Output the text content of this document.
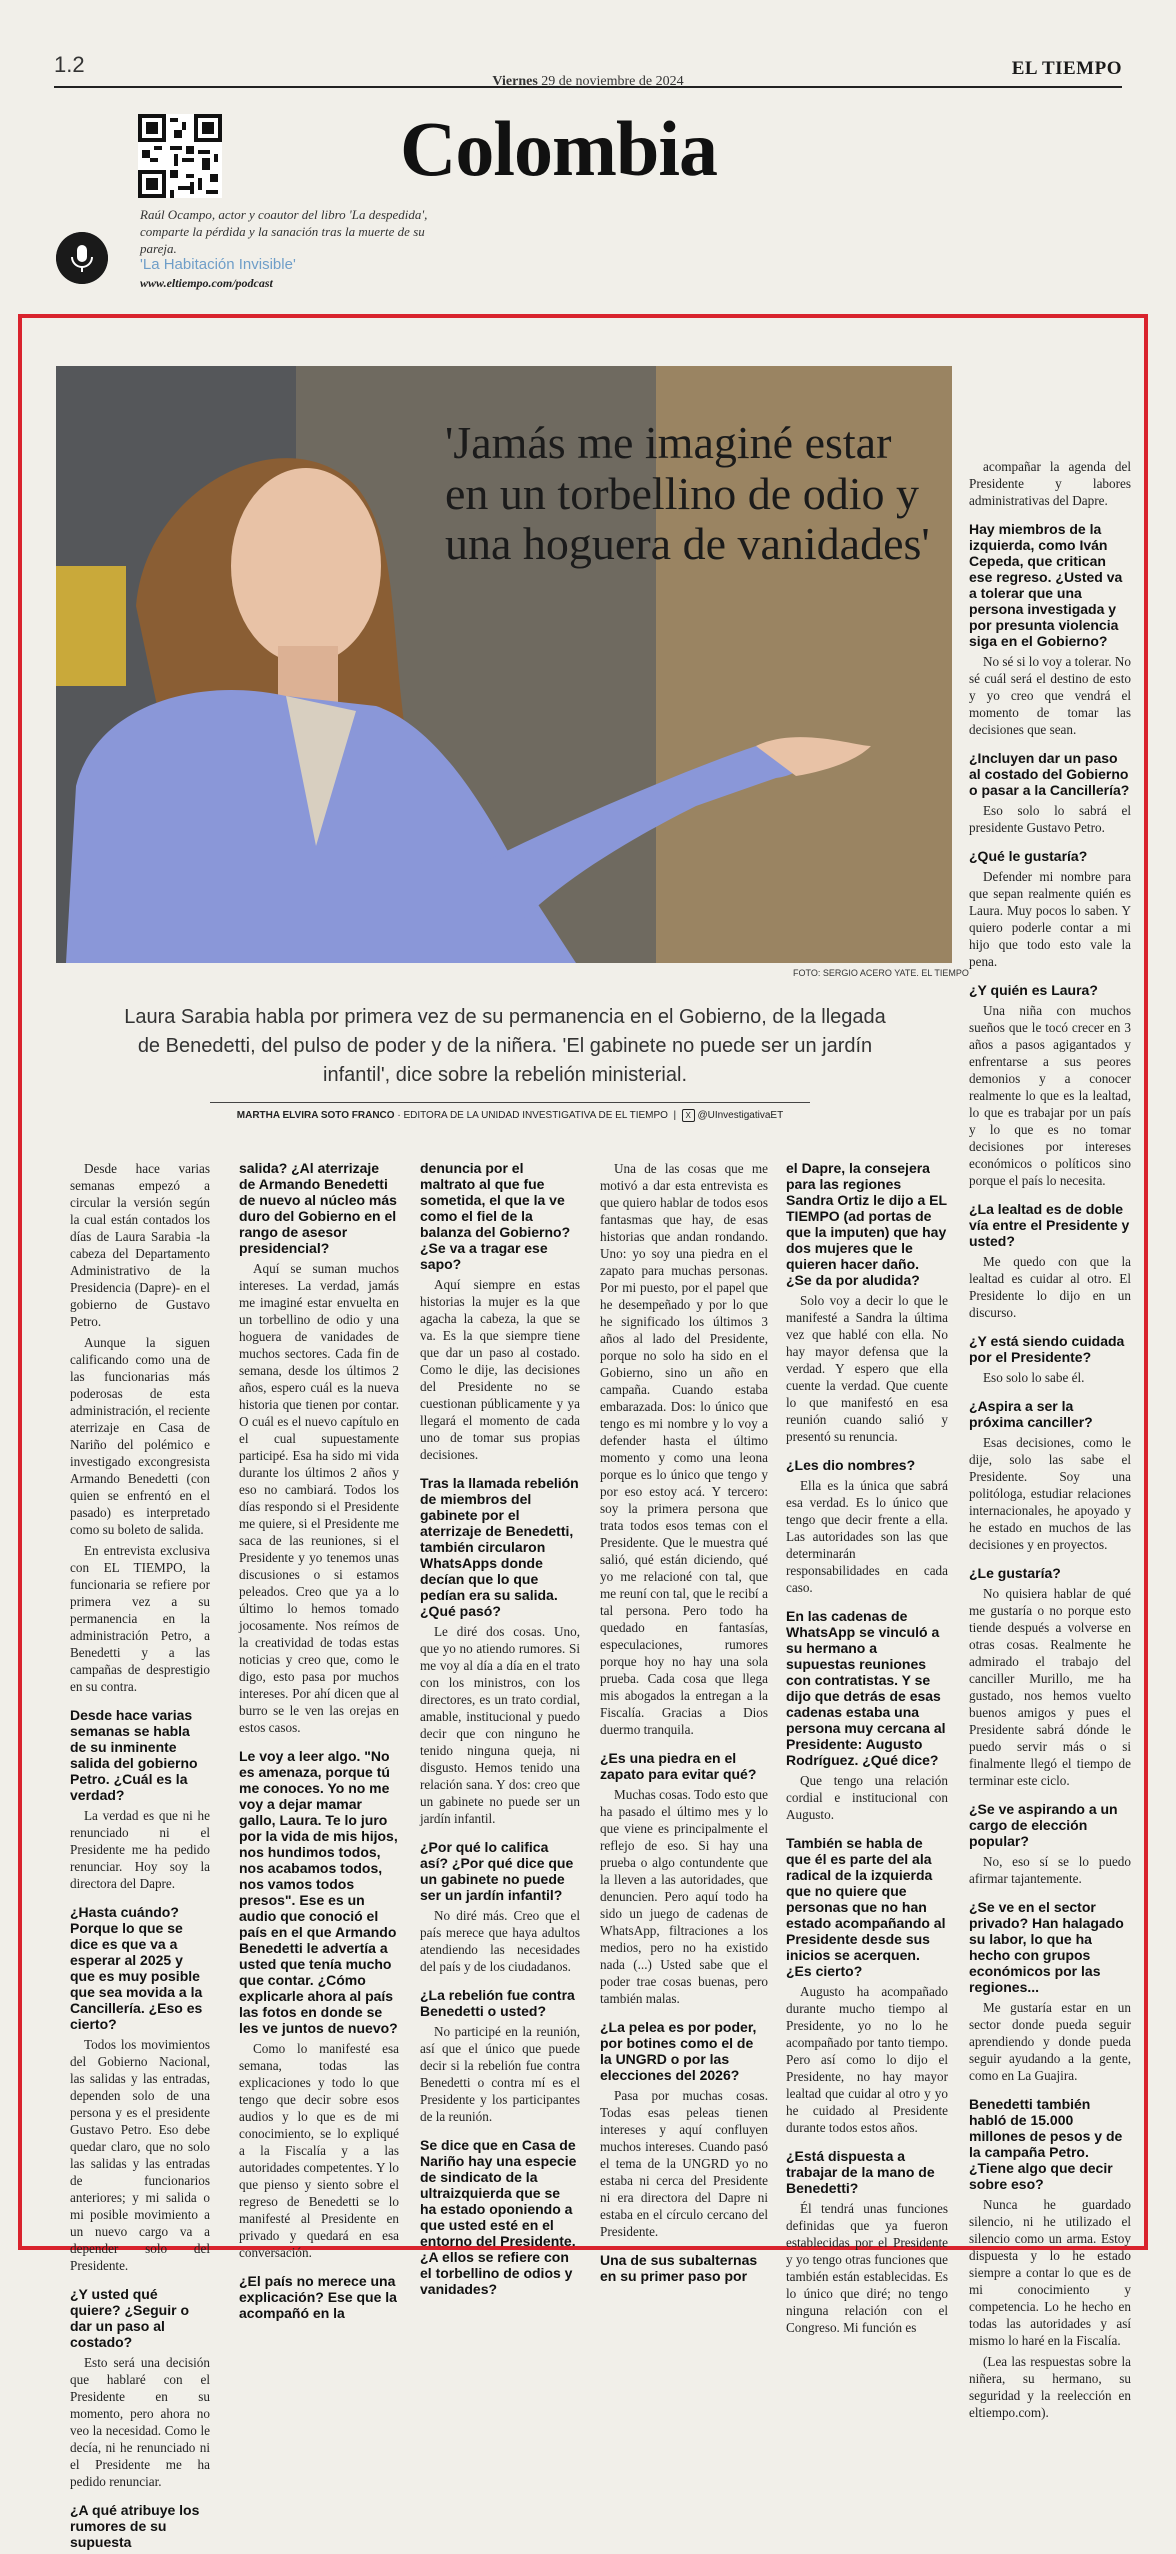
1.2
Viernes 29 de noviembre de 2024
EL TIEMPO
Colombia
Raúl Ocampo, actor y coautor del libro 'La despedida', comparte la pérdida y la sanación tras la muerte de su pareja.
'La Habitación Invisible'
www.eltiempo.com/podcast
'Jamás me imaginé estar en un torbellino de odio y una hoguera de vanidades'
FOTO: SERGIO ACERO YATE. EL TIEMPO
Laura Sarabia habla por primera vez de su permanencia en el Gobierno, de la llegada de Benedetti, del pulso de poder y de la niñera. 'El gabinete no puede ser un jardín infantil', dice sobre la rebelión ministerial.
MARTHA ELVIRA SOTO FRANCO · EDITORA DE LA UNIDAD INVESTIGATIVA DE EL TIEMPO  |  X @UInvestigativaET

Desde hace varias semanas empezó a circular la versión según la cual están contados los días de Laura Sarabia -la cabeza del Departamento Administrativo de la Presidencia (Dapre)- en el gobierno de Gustavo Petro.

Aunque la siguen calificando como una de las funcionarias más poderosas de esta administración, el reciente aterrizaje en Casa de Nariño del polémico e investigado excongresista Armando Benedetti (con quien se enfrentó en el pasado) es interpretado como su boleto de salida.

En entrevista exclusiva con EL TIEMPO, la funcionaria se refiere por primera vez a su permanencia en la administración Petro, a Benedetti y a las campañas de desprestigio en su contra.

Desde hace varias semanas se habla de su inminente salida del gobierno Petro. ¿Cuál es la verdad?

La verdad es que ni he renunciado ni el Presidente me ha pedido renunciar. Hoy soy la directora del Dapre.

¿Hasta cuándo? Porque lo que se dice es que va a esperar al 2025 y que es muy posible que sea movida a la Cancillería. ¿Eso es cierto?

Todos los movimientos del Gobierno Nacional, las salidas y las entradas, dependen solo de una persona y es el presidente Gustavo Petro. Eso debe quedar claro, que no solo las salidas y las entradas de funcionarios anteriores; y mi salida o mi posible movimiento a un nuevo cargo va a depender solo del Presidente.

¿Y usted qué quiere? ¿Seguir o dar un paso al costado?

Esto será una decisión que hablaré con el Presidente en su momento, pero ahora no veo la necesidad. Como le decía, ni he renunciado ni el Presidente me ha pedido renunciar.

¿A qué atribuye los rumores de su supuesta
salida? ¿Al aterrizaje de Armando Benedetti de nuevo al núcleo más duro del Gobierno en el rango de asesor presidencial?

Aquí se suman muchos intereses. La verdad, jamás me imaginé estar envuelta en un torbellino de odio y una hoguera de vanidades de muchos sectores. Cada fin de semana, desde los últimos 2 años, espero cuál es la nueva historia que tienen por contar. O cuál es el nuevo capítulo en el cual supuestamente participé. Esa ha sido mi vida durante los últimos 2 años y eso no cambiará. Todos los días respondo si el Presidente me quiere, si el Presidente me saca de las reuniones, si el Presidente y yo tenemos unas discusiones o si estamos peleados. Creo que ya a lo último lo hemos tomado jocosamente. Nos reímos de la creatividad de todas estas noticias y creo que, como le digo, esto pasa por muchos intereses. Por ahí dicen que al burro se le ven las orejas en estos casos.

Le voy a leer algo. "No es amenaza, porque tú me conoces. Yo no me voy a dejar mamar gallo, Laura. Te lo juro por la vida de mis hijos, nos hundimos todos, nos acabamos todos, nos vamos todos presos". Ese es un audio que conoció el país en el que Armando Benedetti le advertía a usted que tenía mucho que contar. ¿Cómo explicarle ahora al país las fotos en donde se les ve juntos de nuevo?

Como lo manifesté esa semana, todas las explicaciones y todo lo que tengo que decir sobre esos audios y lo que es de mi conocimiento, se lo expliqué a la Fiscalía y a las autoridades competentes. Y lo que pienso y siento sobre el regreso de Benedetti se lo manifesté al Presidente en privado y quedará en esa conversación.

¿El país no merece una explicación? Ese que la acompañó en la
denuncia por el maltrato al que fue sometida, el que la ve como el fiel de la balanza del Gobierno? ¿Se va a tragar ese sapo?

Aquí siempre en estas historias la mujer es la que agacha la cabeza, la que se va. Es la que siempre tiene que dar un paso al costado. Como le dije, las decisiones del Presidente no se cuestionan públicamente y ya llegará el momento de cada uno de tomar sus propias decisiones.

Tras la llamada rebelión de miembros del gabinete por el aterrizaje de Benedetti, también circularon WhatsApps donde decían que lo que pedían era su salida. ¿Qué pasó?

Le diré dos cosas. Uno, que yo no atiendo rumores. Si me voy al día a día en el trato con los ministros, con los directores, es un trato cordial, amable, institucional y puedo decir que con ninguno he tenido ninguna queja, ni disgusto. Hemos tenido una relación sana. Y dos: creo que un gabinete no puede ser un jardín infantil.

¿Por qué lo califica así? ¿Por qué dice que un gabinete no puede ser un jardín infantil?

No diré más. Creo que el país merece que haya adultos atendiendo las necesidades del país y de los ciudadanos.

¿La rebelión fue contra Benedetti o usted?

No participé en la reunión, así que el único que puede decir si la rebelión fue contra Benedetti o contra mí es el Presidente y los participantes de la reunión.

Se dice que en Casa de Nariño hay una especie de sindicato de la ultraizquierda que se ha estado oponiendo a que usted esté en el entorno del Presidente. ¿A ellos se refiere con el torbellino de odios y vanidades?

Una de las cosas que me motivó a dar esta entrevista es que quiero hablar de todos esos fantasmas que hay, de esas historias que andan rondando. Uno: yo soy una piedra en el zapato para muchas personas. Por mi puesto, por el papel que he desempeñado y por lo que he significado los últimos 3 años al lado del Presidente, porque no solo ha sido en el Gobierno, sino un año en campaña. Cuando estaba embarazada. Dos: lo único que tengo es mi nombre y lo voy a defender hasta el último momento y como una leona porque es lo único que tengo y por eso estoy acá. Y tercero: soy la primera persona que trata todos esos temas con el Presidente. Que le muestra qué salió, qué están diciendo, qué yo me relacioné con tal, que me reuní con tal, que le recibí a tal persona. Pero todo ha quedado en fantasías, especulaciones, rumores porque hoy no hay una sola prueba. Cada cosa que llega mis abogados la entregan a la Fiscalía. Gracias a Dios duermo tranquila.

¿Es una piedra en el zapato para evitar qué?

Muchas cosas. Todo esto que ha pasado el último mes y lo que viene es principalmente el reflejo de eso. Si hay una prueba o algo contundente que la lleven a las autoridades, que denuncien. Pero aquí todo ha sido un juego de cadenas de WhatsApp, filtraciones a los medios, pero no ha existido nada (...) Usted sabe que el poder trae cosas buenas, pero también malas.

¿La pelea es por poder, por botines como el de la UNGRD o por las elecciones del 2026?

Pasa por muchas cosas. Todas esas peleas tienen intereses y aquí confluyen muchos intereses. Cuando pasó el tema de la UNGRD yo no estaba ni cerca del Presidente ni era directora del Dapre ni estaba en el círculo cercano del Presidente.

Una de sus subalternas en su primer paso por
el Dapre, la consejera para las regiones Sandra Ortiz le dijo a EL TIEMPO (ad portas de que la imputen) que hay dos mujeres que le quieren hacer daño. ¿Se da por aludida?

Solo voy a decir lo que le manifesté a Sandra la última vez que hablé con ella. No hay mayor defensa que la verdad. Y espero que ella cuente la verdad. Que cuente lo que manifestó en esa reunión cuando salió y presentó su renuncia.

¿Les dio nombres?

Ella es la única que sabrá esa verdad. Es lo único que tengo que decir frente a ella. Las autoridades son las que determinarán responsabilidades en cada caso.

En las cadenas de WhatsApp se vinculó a su hermano a supuestas reuniones con contratistas. Y se dijo que detrás de esas cadenas estaba una persona muy cercana al Presidente: Augusto Rodríguez. ¿Qué dice?

Que tengo una relación cordial e institucional con Augusto.

También se habla de que él es parte del ala radical de la izquierda que no quiere que personas que no han estado acompañando al Presidente desde sus inicios se acerquen. ¿Es cierto?

Augusto ha acompañado durante mucho tiempo al Presidente, yo no lo he acompañado por tanto tiempo. Pero así como lo dijo el Presidente, no hay mayor lealtad que cuidar al otro y yo he cuidado al Presidente durante todos estos años.

¿Está dispuesta a trabajar de la mano de Benedetti?

Él tendrá unas funciones definidas que ya fueron establecidas por el Presidente y yo tengo otras funciones que también están establecidas. Es lo único que diré; no tengo ninguna relación con el Congreso. Mi función es

acompañar la agenda del Presidente y labores administrativas del Dapre.

Hay miembros de la izquierda, como Iván Cepeda, que critican ese regreso. ¿Usted va a tolerar que una persona investigada y por presunta violencia siga en el Gobierno?

No sé si lo voy a tolerar. No sé cuál será el destino de esto y yo creo que vendrá el momento de tomar las decisiones que sean.

¿Incluyen dar un paso al costado del Gobierno o pasar a la Cancillería?

Eso solo lo sabrá el presidente Gustavo Petro.

¿Qué le gustaría?

Defender mi nombre para que sepan realmente quién es Laura. Muy pocos lo saben. Y quiero poderle contar a mi hijo que todo esto vale la pena.

¿Y quién es Laura?

Una niña con muchos sueños que le tocó crecer en 3 años a pasos agigantados y enfrentarse a sus peores demonios y a conocer realmente lo que es la lealtad, lo que es trabajar por un país y lo que es no tomar decisiones por intereses económicos o políticos sino porque el país lo necesita.

¿La lealtad es de doble vía entre el Presidente y usted?

Me quedo con que la lealtad es cuidar al otro. El Presidente lo dijo en un discurso.

¿Y está siendo cuidada por el Presidente?

Eso solo lo sabe él.

¿Aspira a ser la próxima canciller?

Esas decisiones, como le dije, solo las sabe el Presidente. Soy una politóloga, estudiar relaciones internacionales, he apoyado y he estado en muchos de las decisiones y en proyectos.

¿Le gustaría?

No quisiera hablar de qué me gustaría o no porque esto tiende después a volverse en otras cosas. Realmente he admirado el trabajo del canciller Murillo, me ha gustado, nos hemos vuelto buenos amigos y pues el Presidente sabrá dónde le puedo servir más o si finalmente llegó el tiempo de terminar este ciclo.

¿Se ve aspirando a un cargo de elección popular?

No, eso sí se lo puedo afirmar tajantemente.

¿Se ve en el sector privado? Han halagado su labor, lo que ha hecho con grupos económicos por las regiones...

Me gustaría estar en un sector donde pueda seguir aprendiendo y donde pueda seguir ayudando a la gente, como en La Guajira.

Benedetti también habló de 15.000 millones de pesos y de la campaña Petro. ¿Tiene algo que decir sobre eso?

Nunca he guardado silencio, ni he utilizado el silencio como un arma. Estoy dispuesta y lo he estado siempre a contar lo que es de mi conocimiento y competencia. Lo he hecho en todas las autoridades y así mismo lo haré en la Fiscalía.

(Lea las respuestas sobre la niñera, su hermano, su seguridad y la reelección en eltiempo.com).
